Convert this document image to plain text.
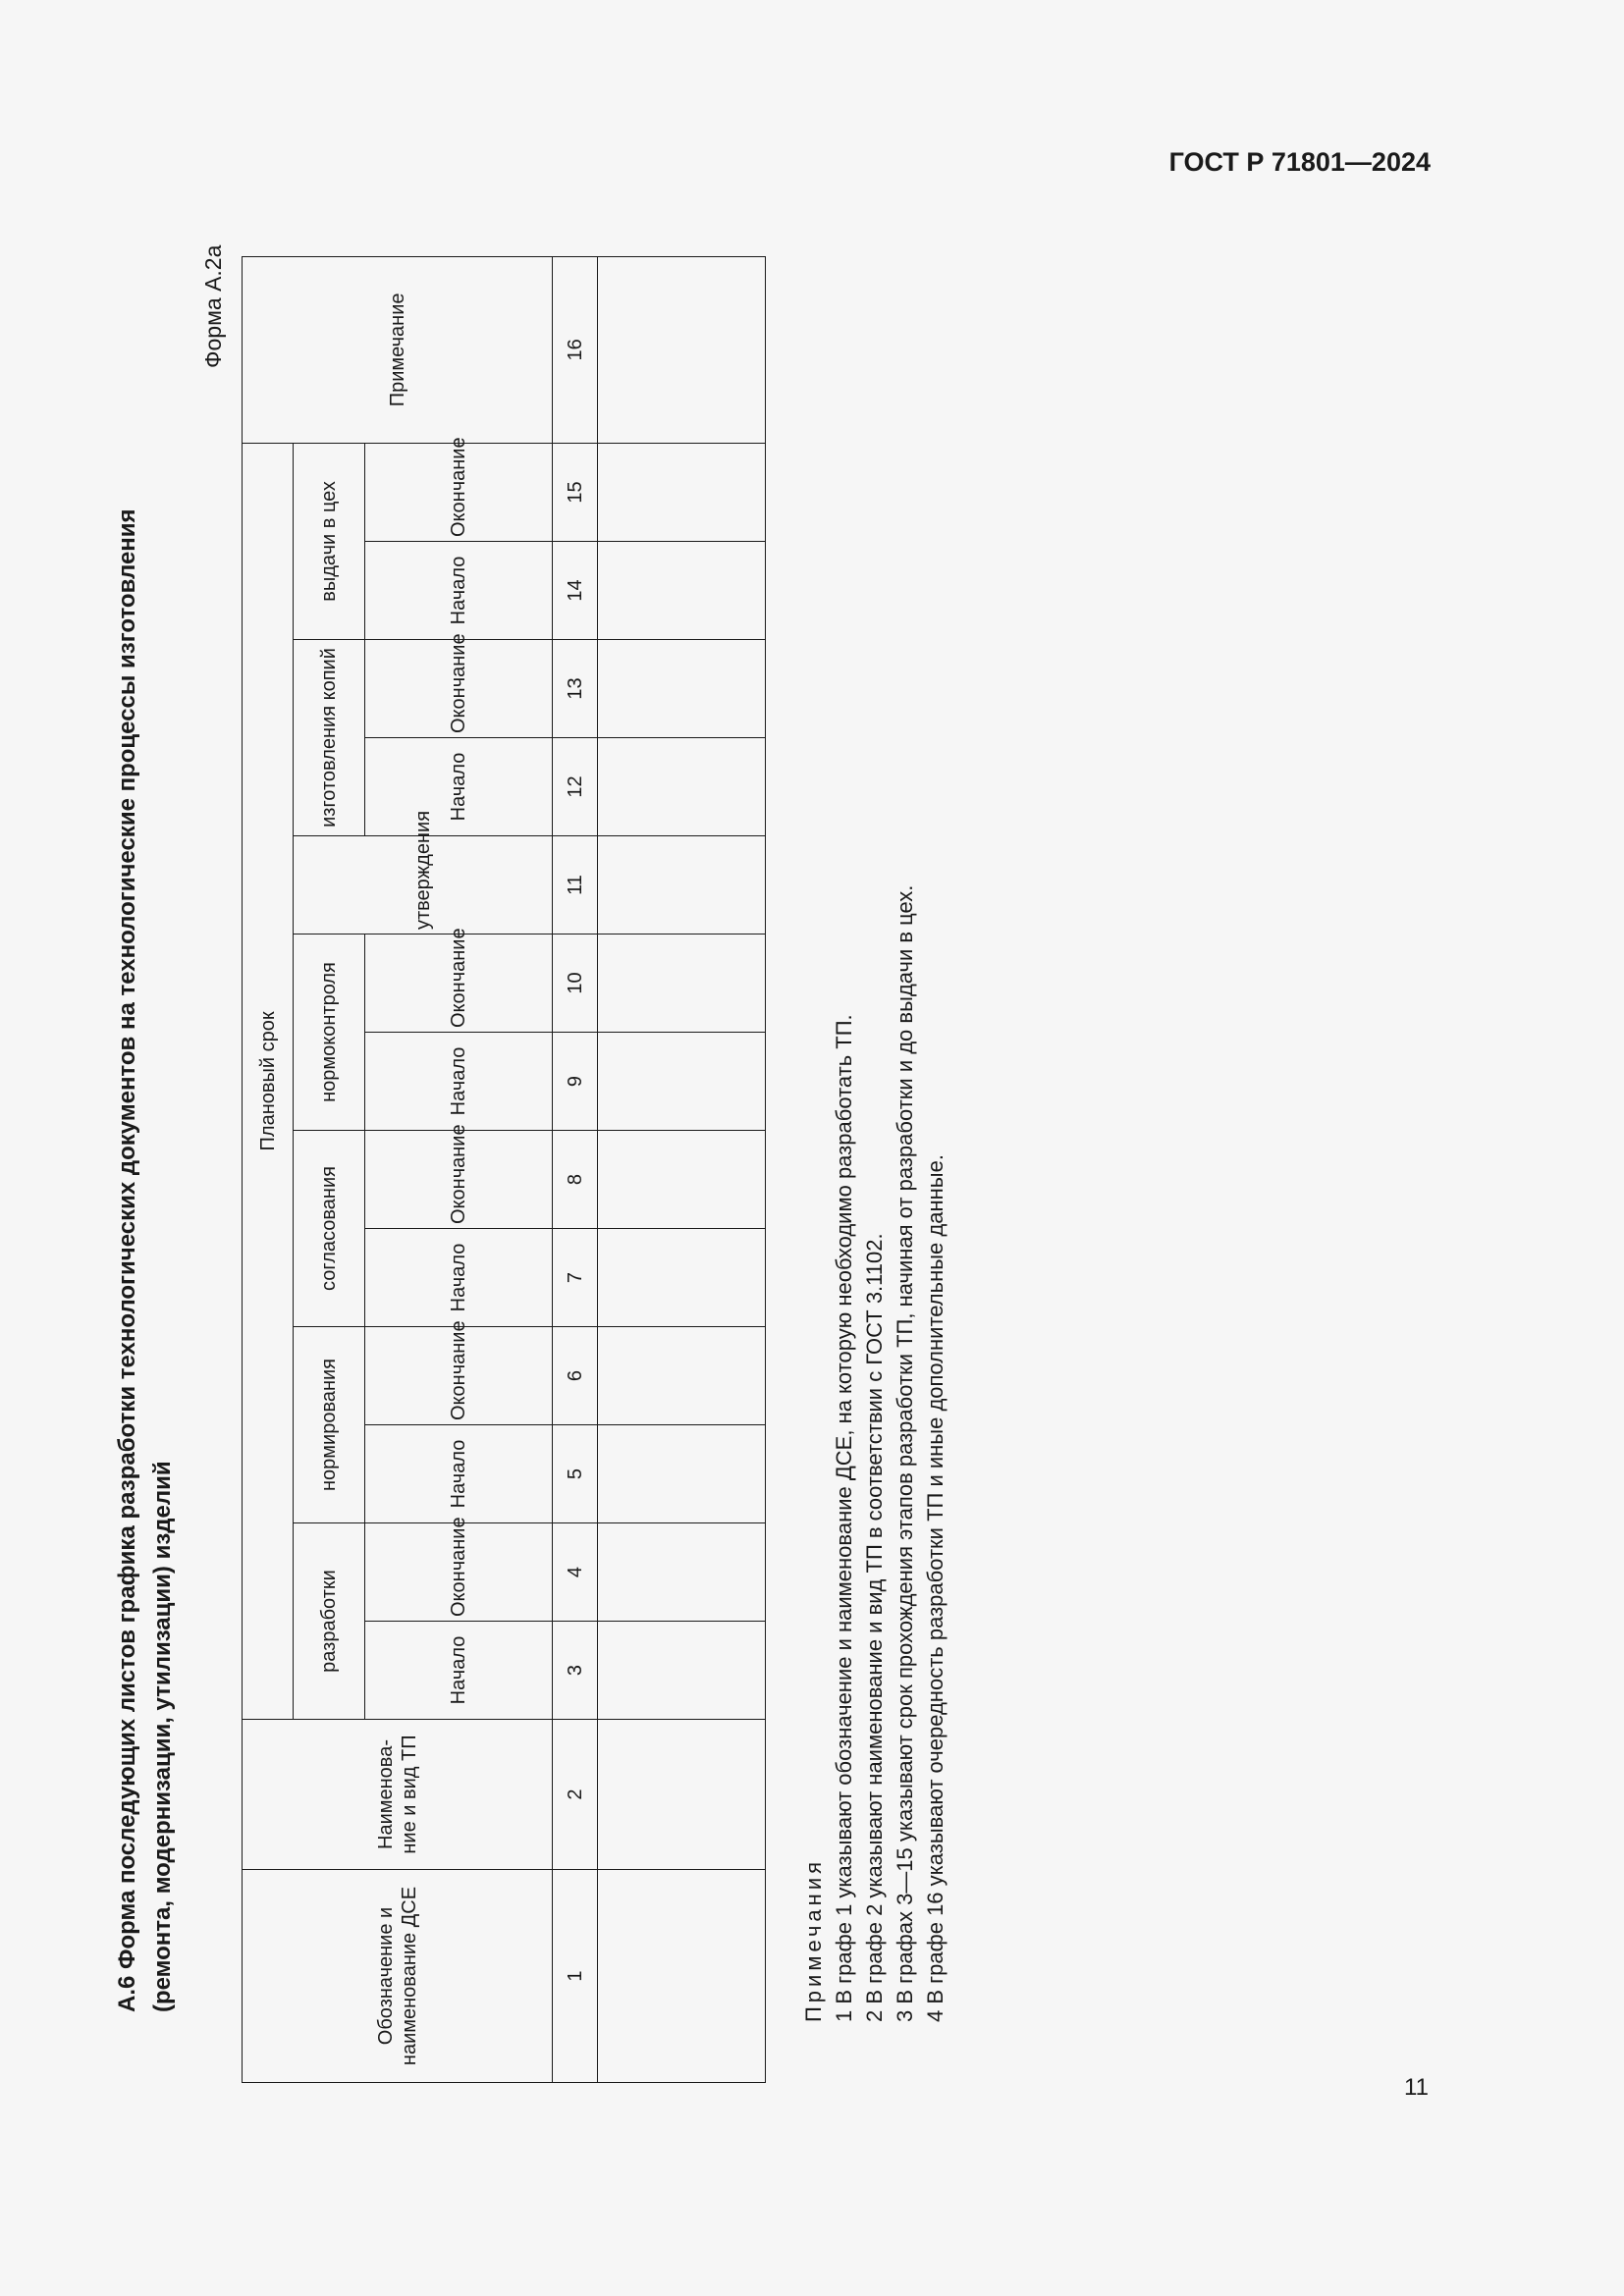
ГОСТ Р 71801—2024
А.6 Форма последующих листов графика разработки технологических документов на технологические процессы изготовления (ремонта, модернизации, утилизации) изделий
Форма А.2а
Обозначение и наименование ДСЕ	Наименова-ние и вид ТП	Плановый срок													Примечание
		разработки		нормирования		согласования		нормоконтроля		утверждения	изготовления копий		выдачи в цех		
		Начало	Окончание	Начало	Окончание	Начало	Окончание	Начало	Окончание		Начало	Окончание	Начало	Окончание	
1	2	3	4	5	6	7	8	9	10	11	12	13	14	15	16

Примечания 1 В графе 1 указывают обозначение и наименование ДСЕ, на которую необходимо разработать ТП. 2 В графе 2 указывают наименование и вид ТП в соответствии с ГОСТ 3.1102. 3 В графах 3—15 указывают срок прохождения этапов разработки ТП, начиная от разработки и до выдачи в цех. 4 В графе 16 указывают очередность разработки ТП и иные дополнительные данные.
11
